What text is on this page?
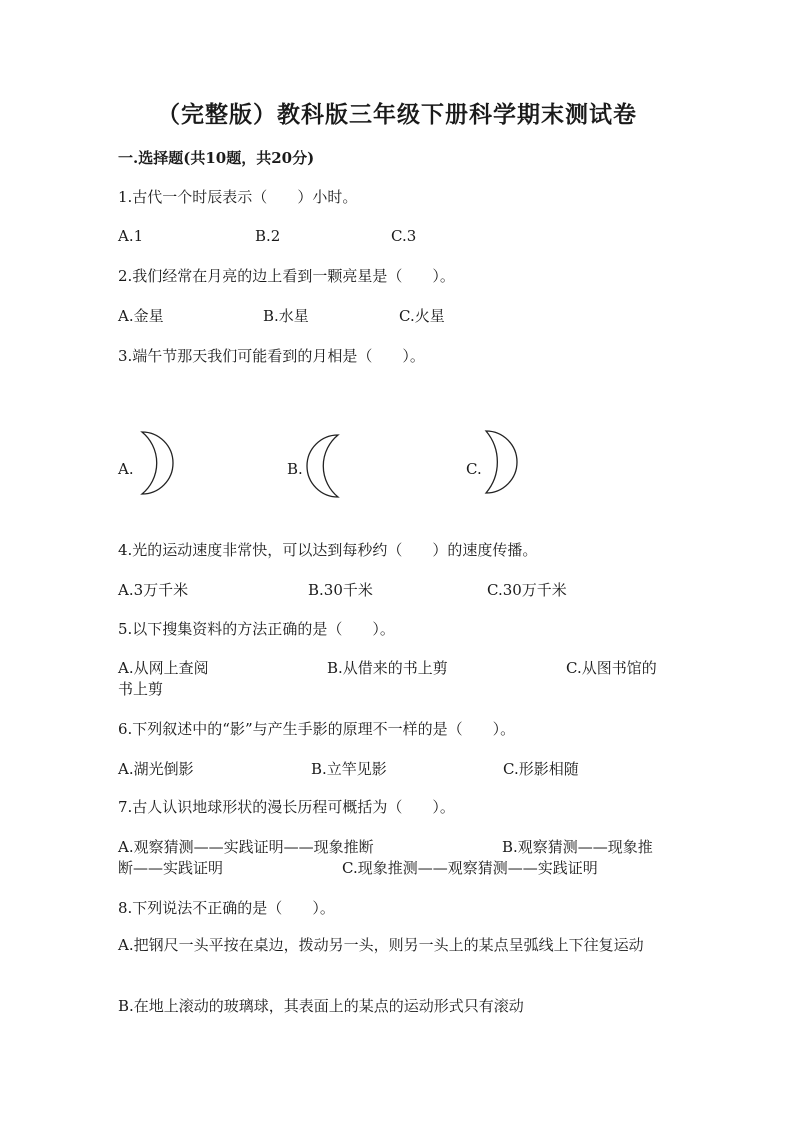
（完整版）教科版三年级下册科学期末测试卷
一.选择题(共10题，共20分)
1.古代一个时辰表示（　　）小时。
A.1	B.2	C.3
2.我们经常在月亮的边上看到一颗亮星是（　　）。
A.金星	B.水星	C.火星
3.端午节那天我们可能看到的月相是（　　）。
A.	B.	C.
4.光的运动速度非常快，可以达到每秒约（　　）的速度传播。
A.3万千米	B.30千米	C.30万千米
5.以下搜集资料的方法正确的是（　　）。
A.从网上查阅	B.从借来的书上剪	C.从图书馆的
书上剪
6.下列叙述中的“影”与产生手影的原理不一样的是（　　）。
A.湖光倒影	B.立竿见影	C.形影相随
7.古人认识地球形状的漫长历程可概括为（　　）。
A.观察猜测——实践证明——现象推断	B.观察猜测——现象推
断——实践证明	C.现象推测——观察猜测——实践证明
8.下列说法不正确的是（　　）。
A.把钢尺一头平按在桌边，拨动另一头，则另一头上的某点呈弧线上下往复运动
B.在地上滚动的玻璃球，其表面上的某点的运动形式只有滚动
